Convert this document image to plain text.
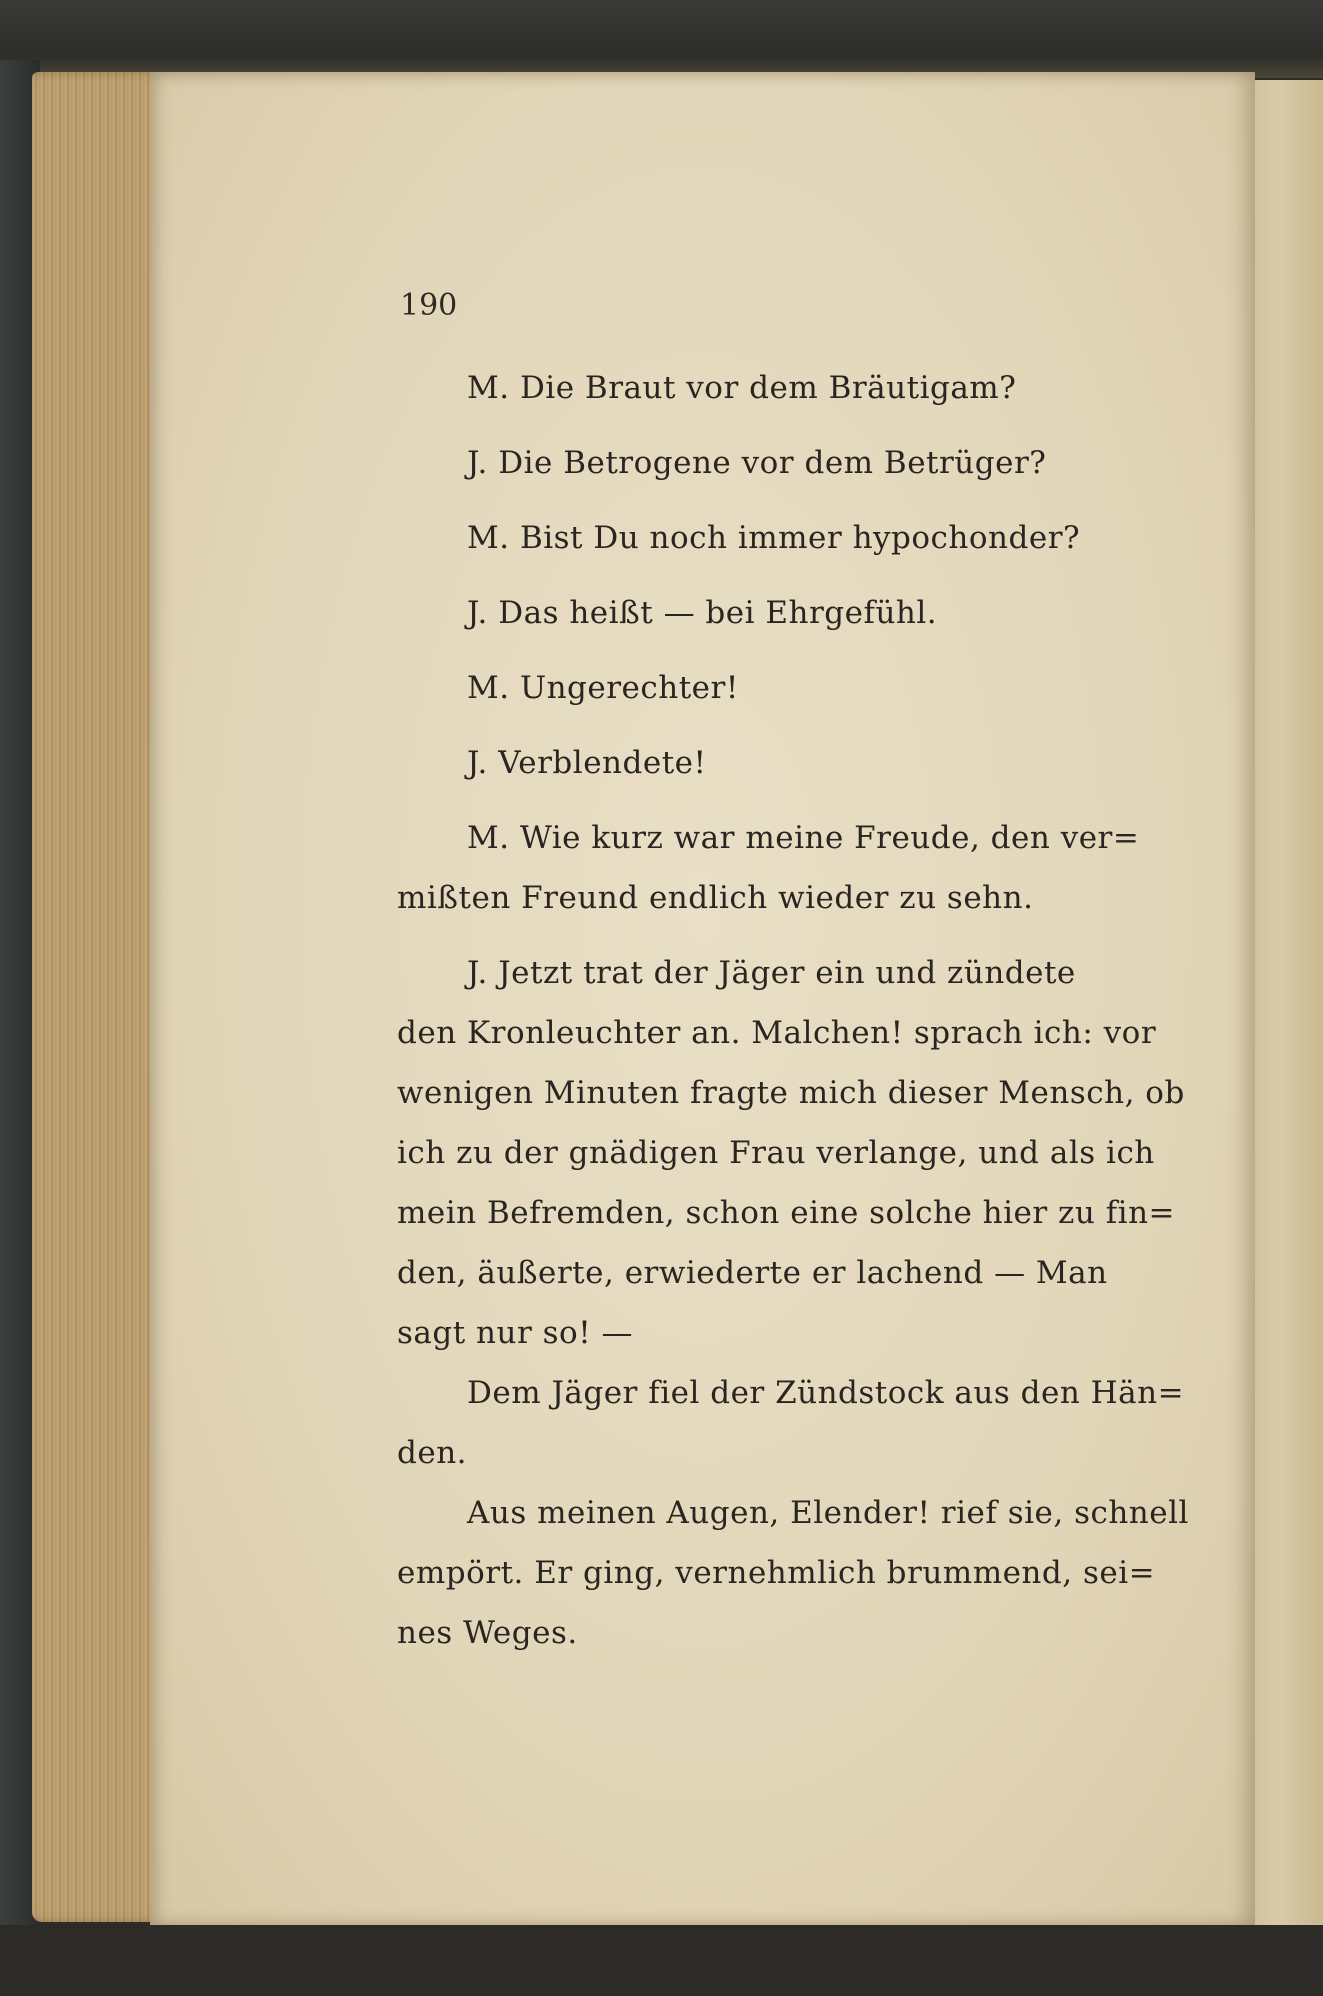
190
M. Die Braut vor dem Bräutigam?
J. Die Betrogene vor dem Betrüger?
M. Bist Du noch immer hypochonder?
J. Das heißt — bei Ehrgefühl.
M. Ungerechter!
J. Verblendete!
M. Wie kurz war meine Freude, den ver=
mißten Freund endlich wieder zu sehn.
J. Jetzt trat der Jäger ein und zündete
den Kronleuchter an. Malchen! sprach ich: vor
wenigen Minuten fragte mich dieser Mensch, ob
ich zu der gnädigen Frau verlange, und als ich
mein Befremden, schon eine solche hier zu fin=
den, äußerte, erwiederte er lachend — Man
sagt nur so! —
Dem Jäger fiel der Zündstock aus den Hän=
den.
Aus meinen Augen, Elender! rief sie, schnell
empört. Er ging, vernehmlich brummend, sei=
nes Weges.
